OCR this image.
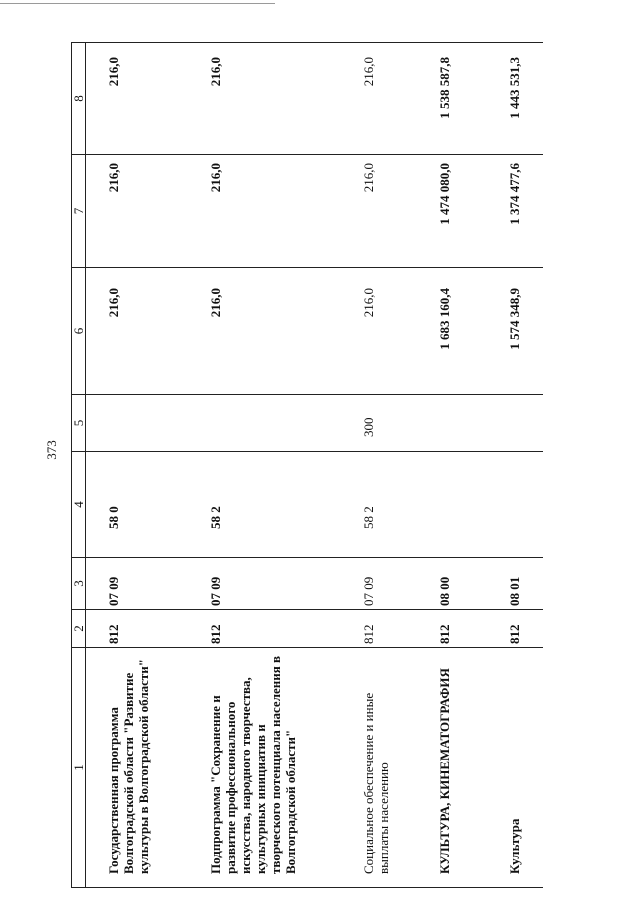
373
1	2	3	4	5	6	7	8
Государственная программа Волгоградской области "Развитие культуры в Волгоградской области"	812	07 09	58 0		216,0	216,0	216,0
Подпрограмма "Сохранение и развитие профессионального искусства, народного творчества, культурных инициатив и творческого потенциала населения в Волгоградской области"	812	07 09	58 2		216,0	216,0	216,0
Социальное обеспечение и иные выплаты населению	812	07 09	58 2	300	216,0	216,0	216,0
КУЛЬТУРА, КИНЕМАТОГРАФИЯ	812	08 00			1 683 160,4	1 474 080,0	1 538 587,8
Культура	812	08 01			1 574 348,9	1 374 477,6	1 443 531,3
